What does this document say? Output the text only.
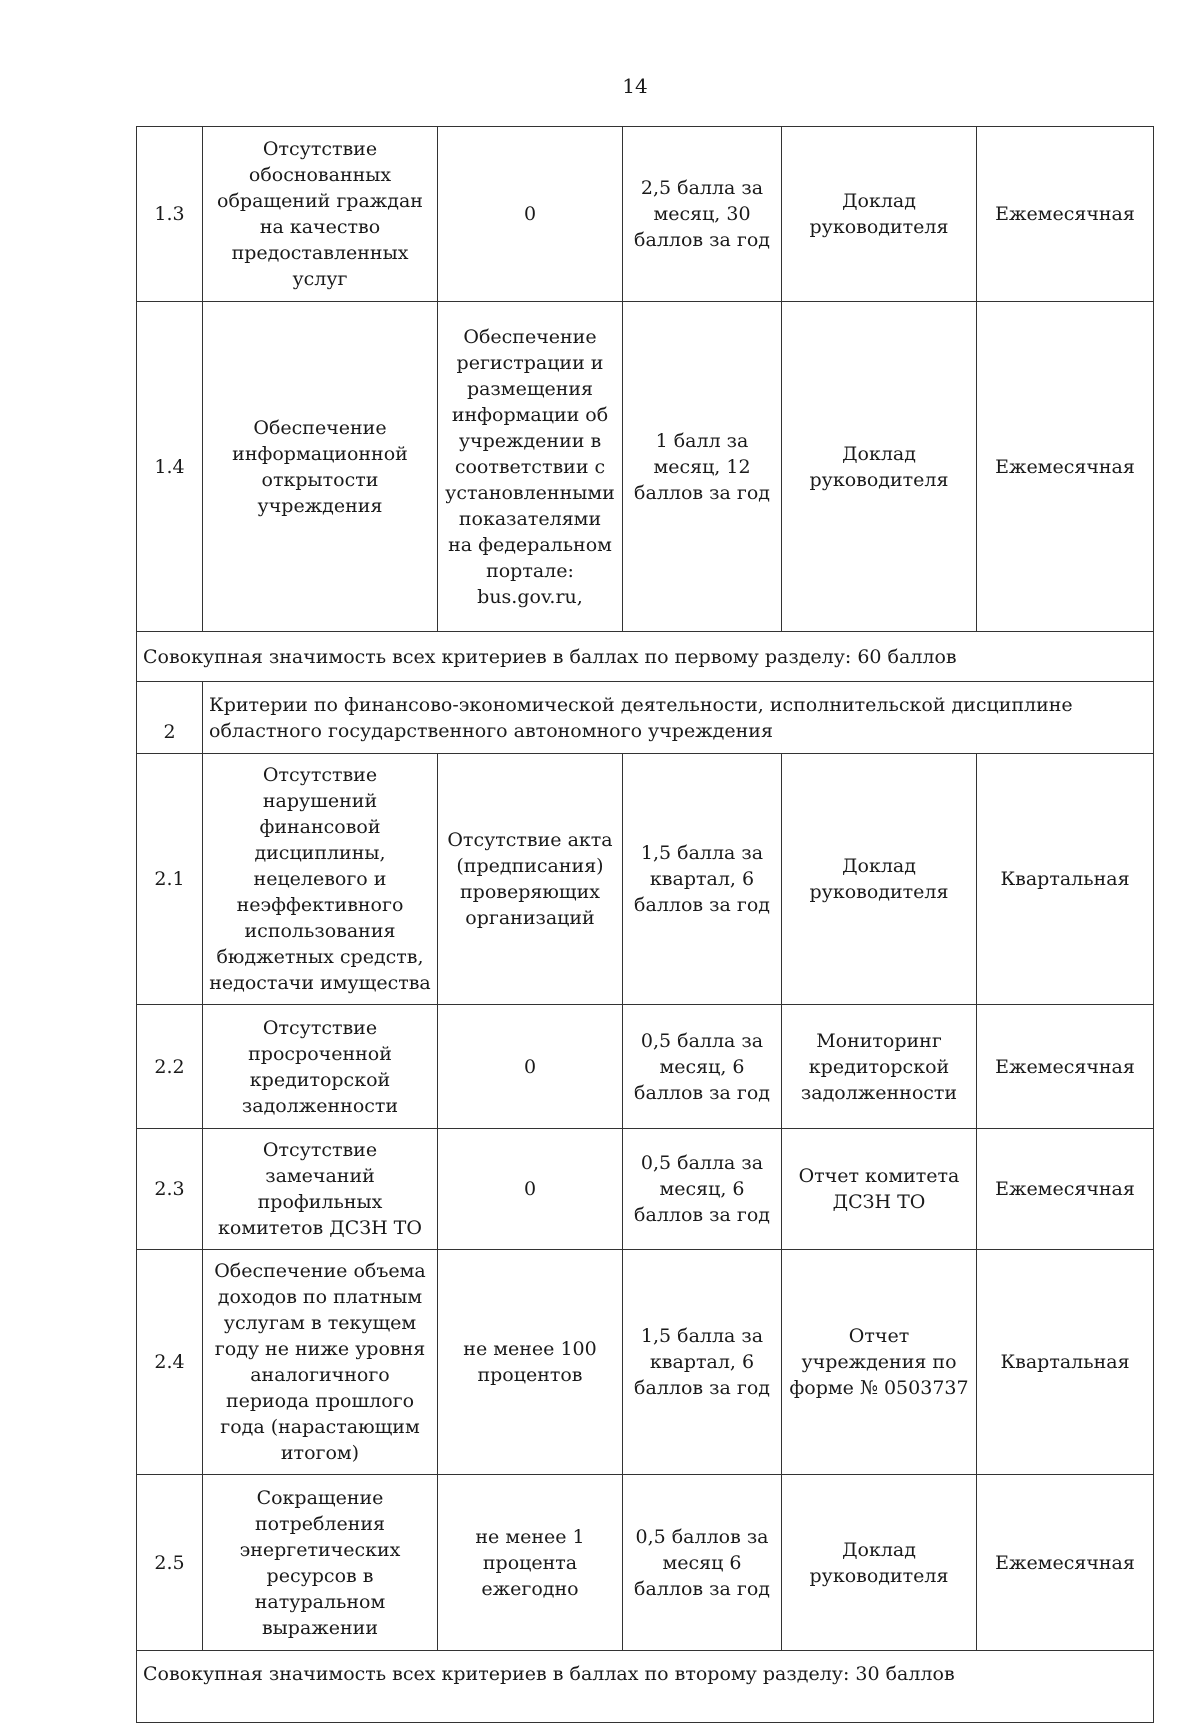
14
1.3	Отсутствие обоснованных обращений граждан на качество предоставленных услуг	0	2,5 балла за месяц, 30 баллов за год	Доклад руководителя	Ежемесячная
1.4	Обеспечение информационной открытости учреждения	Обеспечение регистрации и размещения информации об учреждении в соответствии с установленными показателями на федеральном портале: bus.gov.ru,	1 балл за месяц, 12 баллов за год	Доклад руководителя	Ежемесячная
Совокупная значимость всех критериев в баллах по первому разделу: 60 баллов					
2	Критерии по финансово-экономической деятельности, исполнительской дисциплине областного государственного автономного учреждения				
2.1	Отсутствие нарушений финансовой дисциплины, нецелевого и неэффективного использования бюджетных средств, недостачи имущества	Отсутствие акта (предписания) проверяющих организаций	1,5 балла за квартал, 6 баллов за год	Доклад руководителя	Квартальная
2.2	Отсутствие просроченной кредиторской задолженности	0	0,5 балла за месяц, 6 баллов за год	Мониторинг кредиторской задолженности	Ежемесячная
2.3	Отсутствие замечаний профильных комитетов ДСЗН ТО	0	0,5 балла за месяц, 6 баллов за год	Отчет комитета ДСЗН ТО	Ежемесячная
2.4	Обеспечение объема доходов по платным услугам в текущем году не ниже уровня аналогичного периода прошлого года (нарастающим итогом)	не менее 100 процентов	1,5 балла за квартал, 6 баллов за год	Отчет учреждения по форме № 0503737	Квартальная
2.5	Сокращение потребления энергетических ресурсов в натуральном выражении	не менее 1 процента ежегодно	0,5 баллов за месяц 6 баллов за год	Доклад руководителя	Ежемесячная
Совокупная значимость всех критериев в баллах по второму разделу: 30 баллов					
